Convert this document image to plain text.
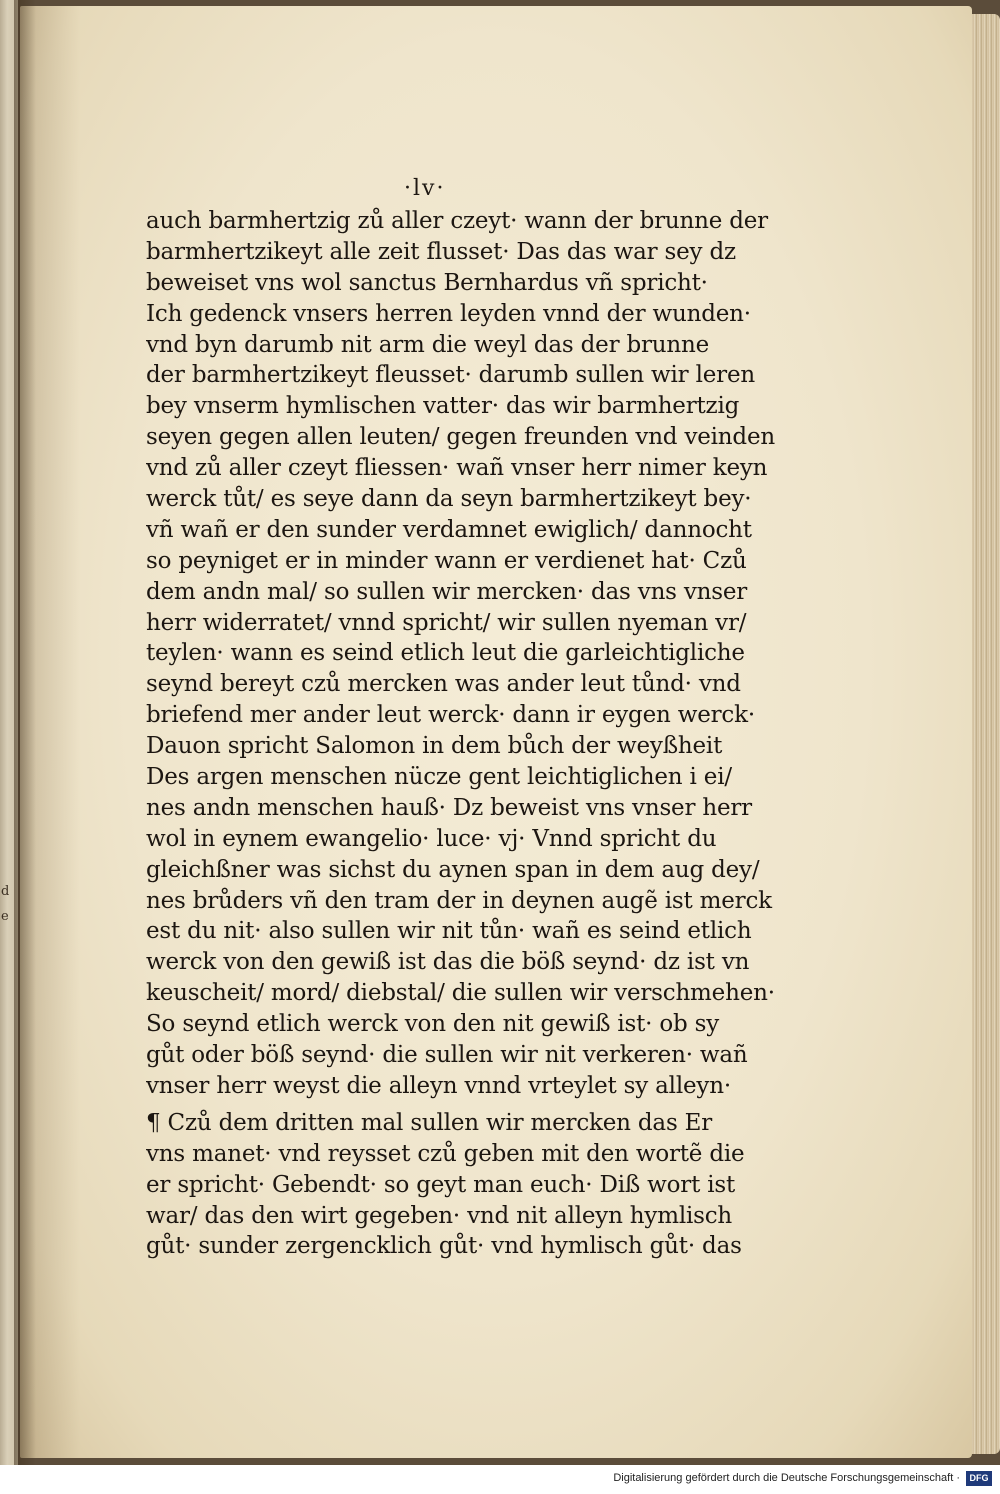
de
·lv·
auch barmhertzig zů aller czeyt· wann der brunne der
barmhertzikeyt alle zeit flusset· Das das war sey dz
beweiset vns wol sanctus Bernhardus vñ spricht·
Ich gedenck vnsers herren leyden vnnd der wunden·
vnd byn darumb nit arm die weyl das der brunne
der barmhertzikeyt fleusset· darumb sullen wir leren
bey vnserm hymlischen vatter· das wir barmhertzig
seyen gegen allen leuten/ gegen freunden vnd veinden
vnd zů aller czeyt fliessen· wañ vnser herr nimer keyn
werck tůt/ es seye dann da seyn barmhertzikeyt bey·
vñ wañ er den sunder verdamnet ewiglich/ dannocht
so peyniget er in minder wann er verdienet hat· Czů
dem andn mal/ so sullen wir mercken· das vns vnser
herr widerratet/ vnnd spricht/ wir sullen nyeman vr/
teylen· wann es seind etlich leut die garleichtigliche
seynd bereyt czů mercken was ander leut tůnd· vnd
briefend mer ander leut werck· dann ir eygen werck·
Dauon spricht Salomon in dem bůch der weyßheit
Des argen menschen nücze gent leichtiglichen i ei/
nes andn menschen hauß· Dz beweist vns vnser herr
wol in eynem ewangelio· luce· vj· Vnnd spricht du
gleichßner was sichst du aynen span in dem aug dey/
nes brůders vñ den tram der in deynen augẽ ist merck
est du nit· also sullen wir nit tůn· wañ es seind etlich
werck von den gewiß ist das die böß seynd· dz ist vn
keuscheit/ mord/ diebstal/ die sullen wir verschmehen·
So seynd etlich werck von den nit gewiß ist· ob sy
gůt oder böß seynd· die sullen wir nit verkeren· wañ
vnser herr weyst die alleyn vnnd vrteylet sy alleyn·
¶ Czů dem dritten mal sullen wir mercken das Er
vns manet· vnd reysset czů geben mit den wortẽ die
er spricht· Gebendt· so geyt man euch· Diß wort ist
war/ das den wirt gegeben· vnd nit alleyn hymlisch
gůt· sunder zergencklich gůt· vnd hymlisch gůt· das
Digitalisierung gefördert durch die Deutsche Forschungsgemeinschaft ·	DFG
